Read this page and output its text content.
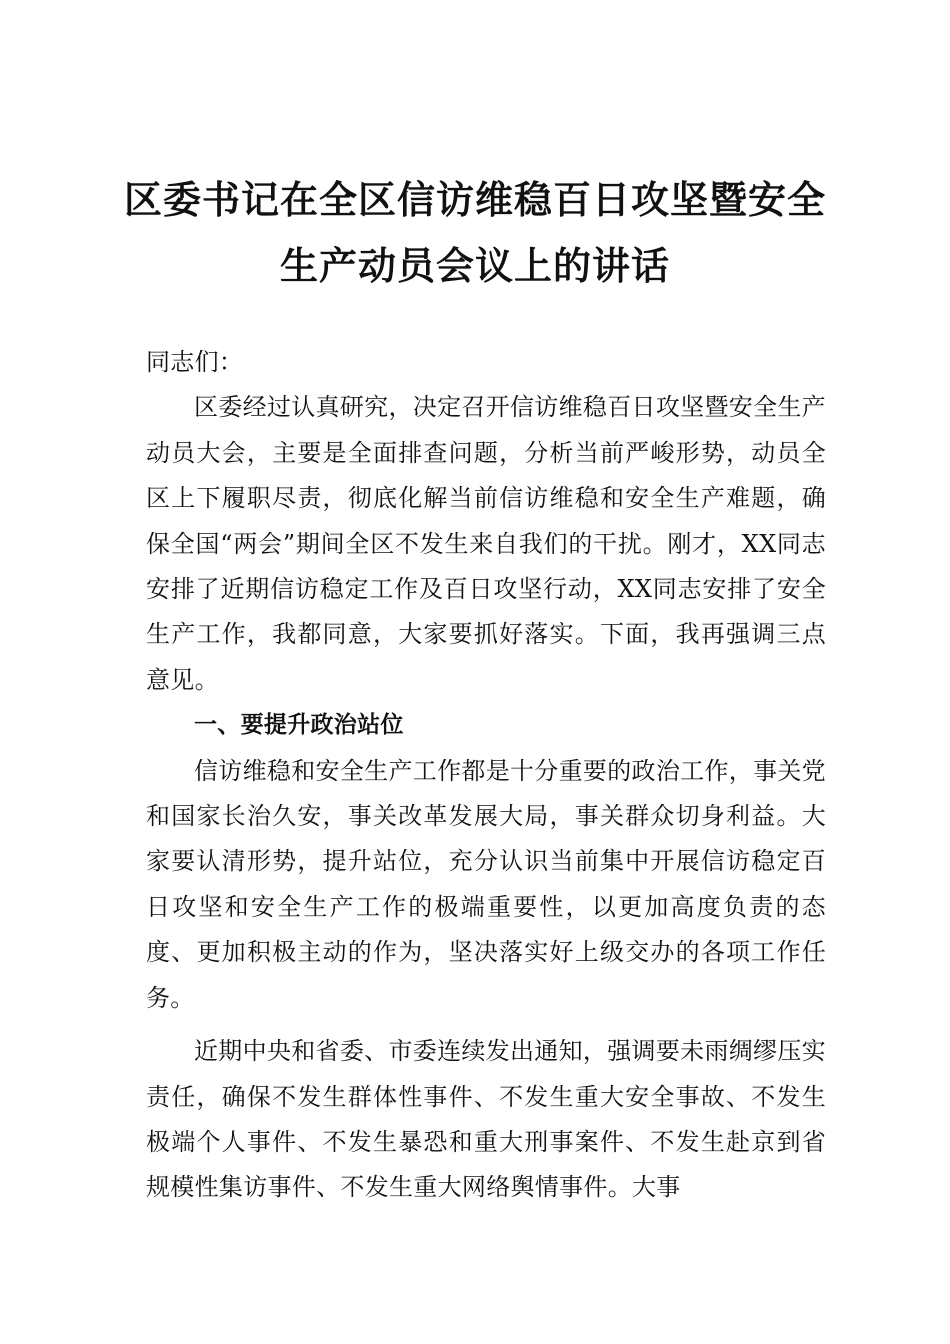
区委书记在全区信访维稳百日攻坚暨安全
生产动员会议上的讲话

同志们：

区委经过认真研究，决定召开信访维稳百日攻坚暨安全生产动员大会，主要是全面排查问题，分析当前严峻形势，动员全区上下履职尽责，彻底化解当前信访维稳和安全生产难题，确保全国“两会”期间全区不发生来自我们的干扰。刚才，XX同志安排了近期信访稳定工作及百日攻坚行动，XX同志安排了安全生产工作，我都同意，大家要抓好落实。下面，我再强调三点意见。

一、要提升政治站位

信访维稳和安全生产工作都是十分重要的政治工作，事关党和国家长治久安，事关改革发展大局，事关群众切身利益。大家要认清形势，提升站位，充分认识当前集中开展信访稳定百日攻坚和安全生产工作的极端重要性，以更加高度负责的态度、更加积极主动的作为，坚决落实好上级交办的各项工作任务。

近期中央和省委、市委连续发出通知，强调要未雨绸缪压实责任，确保不发生群体性事件、不发生重大安全事故、不发生极端个人事件、不发生暴恐和重大刑事案件、不发生赴京到省规模性集访事件、不发生重大网络舆情事件。大事
